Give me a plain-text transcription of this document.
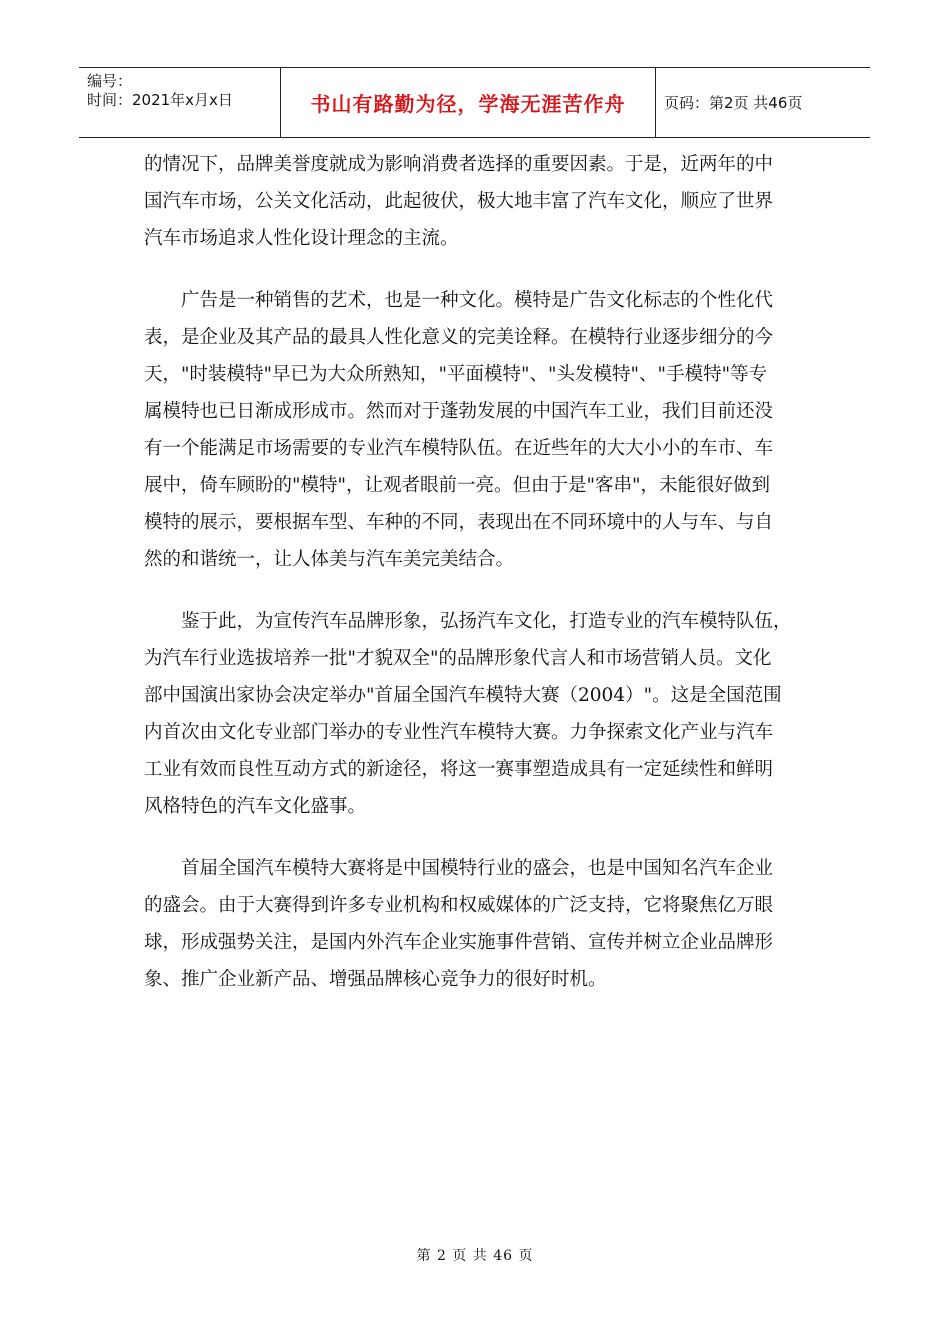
编号：
时间：2021年x月x日	书山有路勤为径，学海无涯苦作舟	页码：第2页 共46页

的情况下，品牌美誉度就成为影响消费者选择的重要因素。于是，近两年的中
国汽车市场，公关文化活动，此起彼伏，极大地丰富了汽车文化，顺应了世界
汽车市场追求人性化设计理念的主流。

广告是一种销售的艺术，也是一种文化。模特是广告文化标志的个性化代
表，是企业及其产品的最具人性化意义的完美诠释。在模特行业逐步细分的今
天，"时装模特"早已为大众所熟知，"平面模特"、"头发模特"、"手模特"等专
属模特也已日渐成形成市。然而对于蓬勃发展的中国汽车工业，我们目前还没
有一个能满足市场需要的专业汽车模特队伍。在近些年的大大小小的车市、车
展中，倚车顾盼的"模特"，让观者眼前一亮。但由于是"客串"，未能很好做到
模特的展示，要根据车型、车种的不同，表现出在不同环境中的人与车、与自
然的和谐统一，让人体美与汽车美完美结合。

鉴于此，为宣传汽车品牌形象，弘扬汽车文化，打造专业的汽车模特队伍，
为汽车行业选拔培养一批"才貌双全"的品牌形象代言人和市场营销人员。文化
部中国演出家协会决定举办"首届全国汽车模特大赛（2004）"。这是全国范围
内首次由文化专业部门举办的专业性汽车模特大赛。力争探索文化产业与汽车
工业有效而良性互动方式的新途径，将这一赛事塑造成具有一定延续性和鲜明
风格特色的汽车文化盛事。

首届全国汽车模特大赛将是中国模特行业的盛会，也是中国知名汽车企业
的盛会。由于大赛得到许多专业机构和权威媒体的广泛支持，它将聚焦亿万眼
球，形成强势关注，是国内外汽车企业实施事件营销、宣传并树立企业品牌形
象、推广企业新产品、增强品牌核心竞争力的很好时机。

第 2 页 共 46 页
